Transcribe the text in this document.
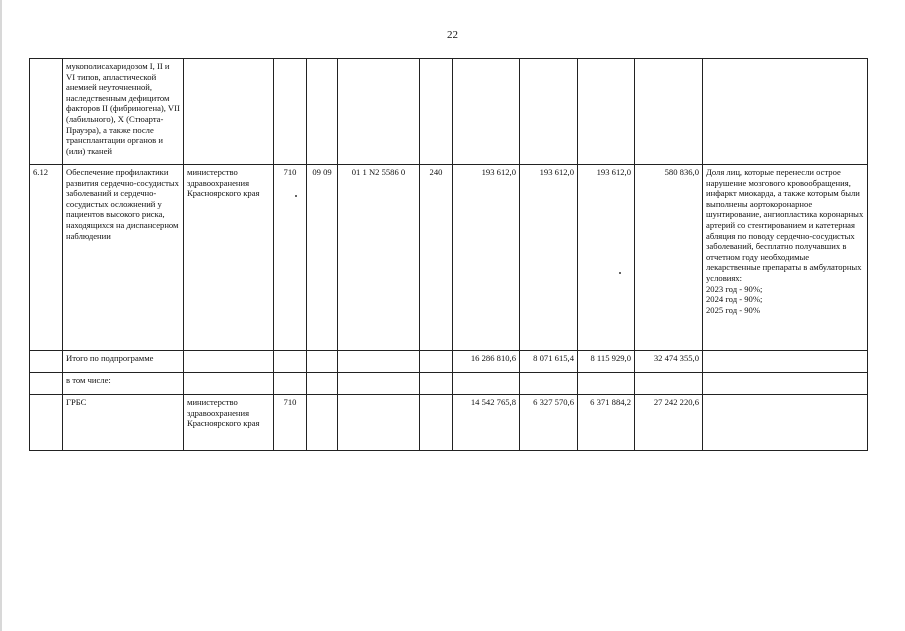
22
	мукополисахаридозом I, II и VI типов, апластической анемией неуточненной, наследственным дефицитом факторов II (фибриногена), VII (лабильного), X (Стюарта-Прауэра), а также после трансплантации органов и (или) тканей										
6.12	Обеспечение профилактики развития сердечно-сосудистых заболеваний и сердечно-сосудистых осложнений у пациентов высокого риска, находящихся на диспансерном наблюдении	министерство здравоохранения Красноярского края	710	09 09	01 1 N2 5586 0	240	193 612,0	193 612,0	193 612,0	580 836,0	Доля лиц, которые перенесли острое нарушение мозгового кровообращения, инфаркт миокарда, а также которым были выполнены аортокоронарное шунтирование, ангиопластика коронарных артерий со стентированием и катетерная абляция по поводу сердечно-сосудистых заболеваний, бесплатно получавших в отчетном году необходимые лекарственные препараты в амбулаторных условиях:
2023 год - 90%;
2024 год - 90%;
2025 год - 90%
	Итого по подпрограмме						16 286 810,6	8 071 615,4	8 115 929,0	32 474 355,0	
	в том числе:										
	ГРБС	министерство здравоохранения Красноярского края	710				14 542 765,8	6 327 570,6	6 371 884,2	27 242 220,6	
